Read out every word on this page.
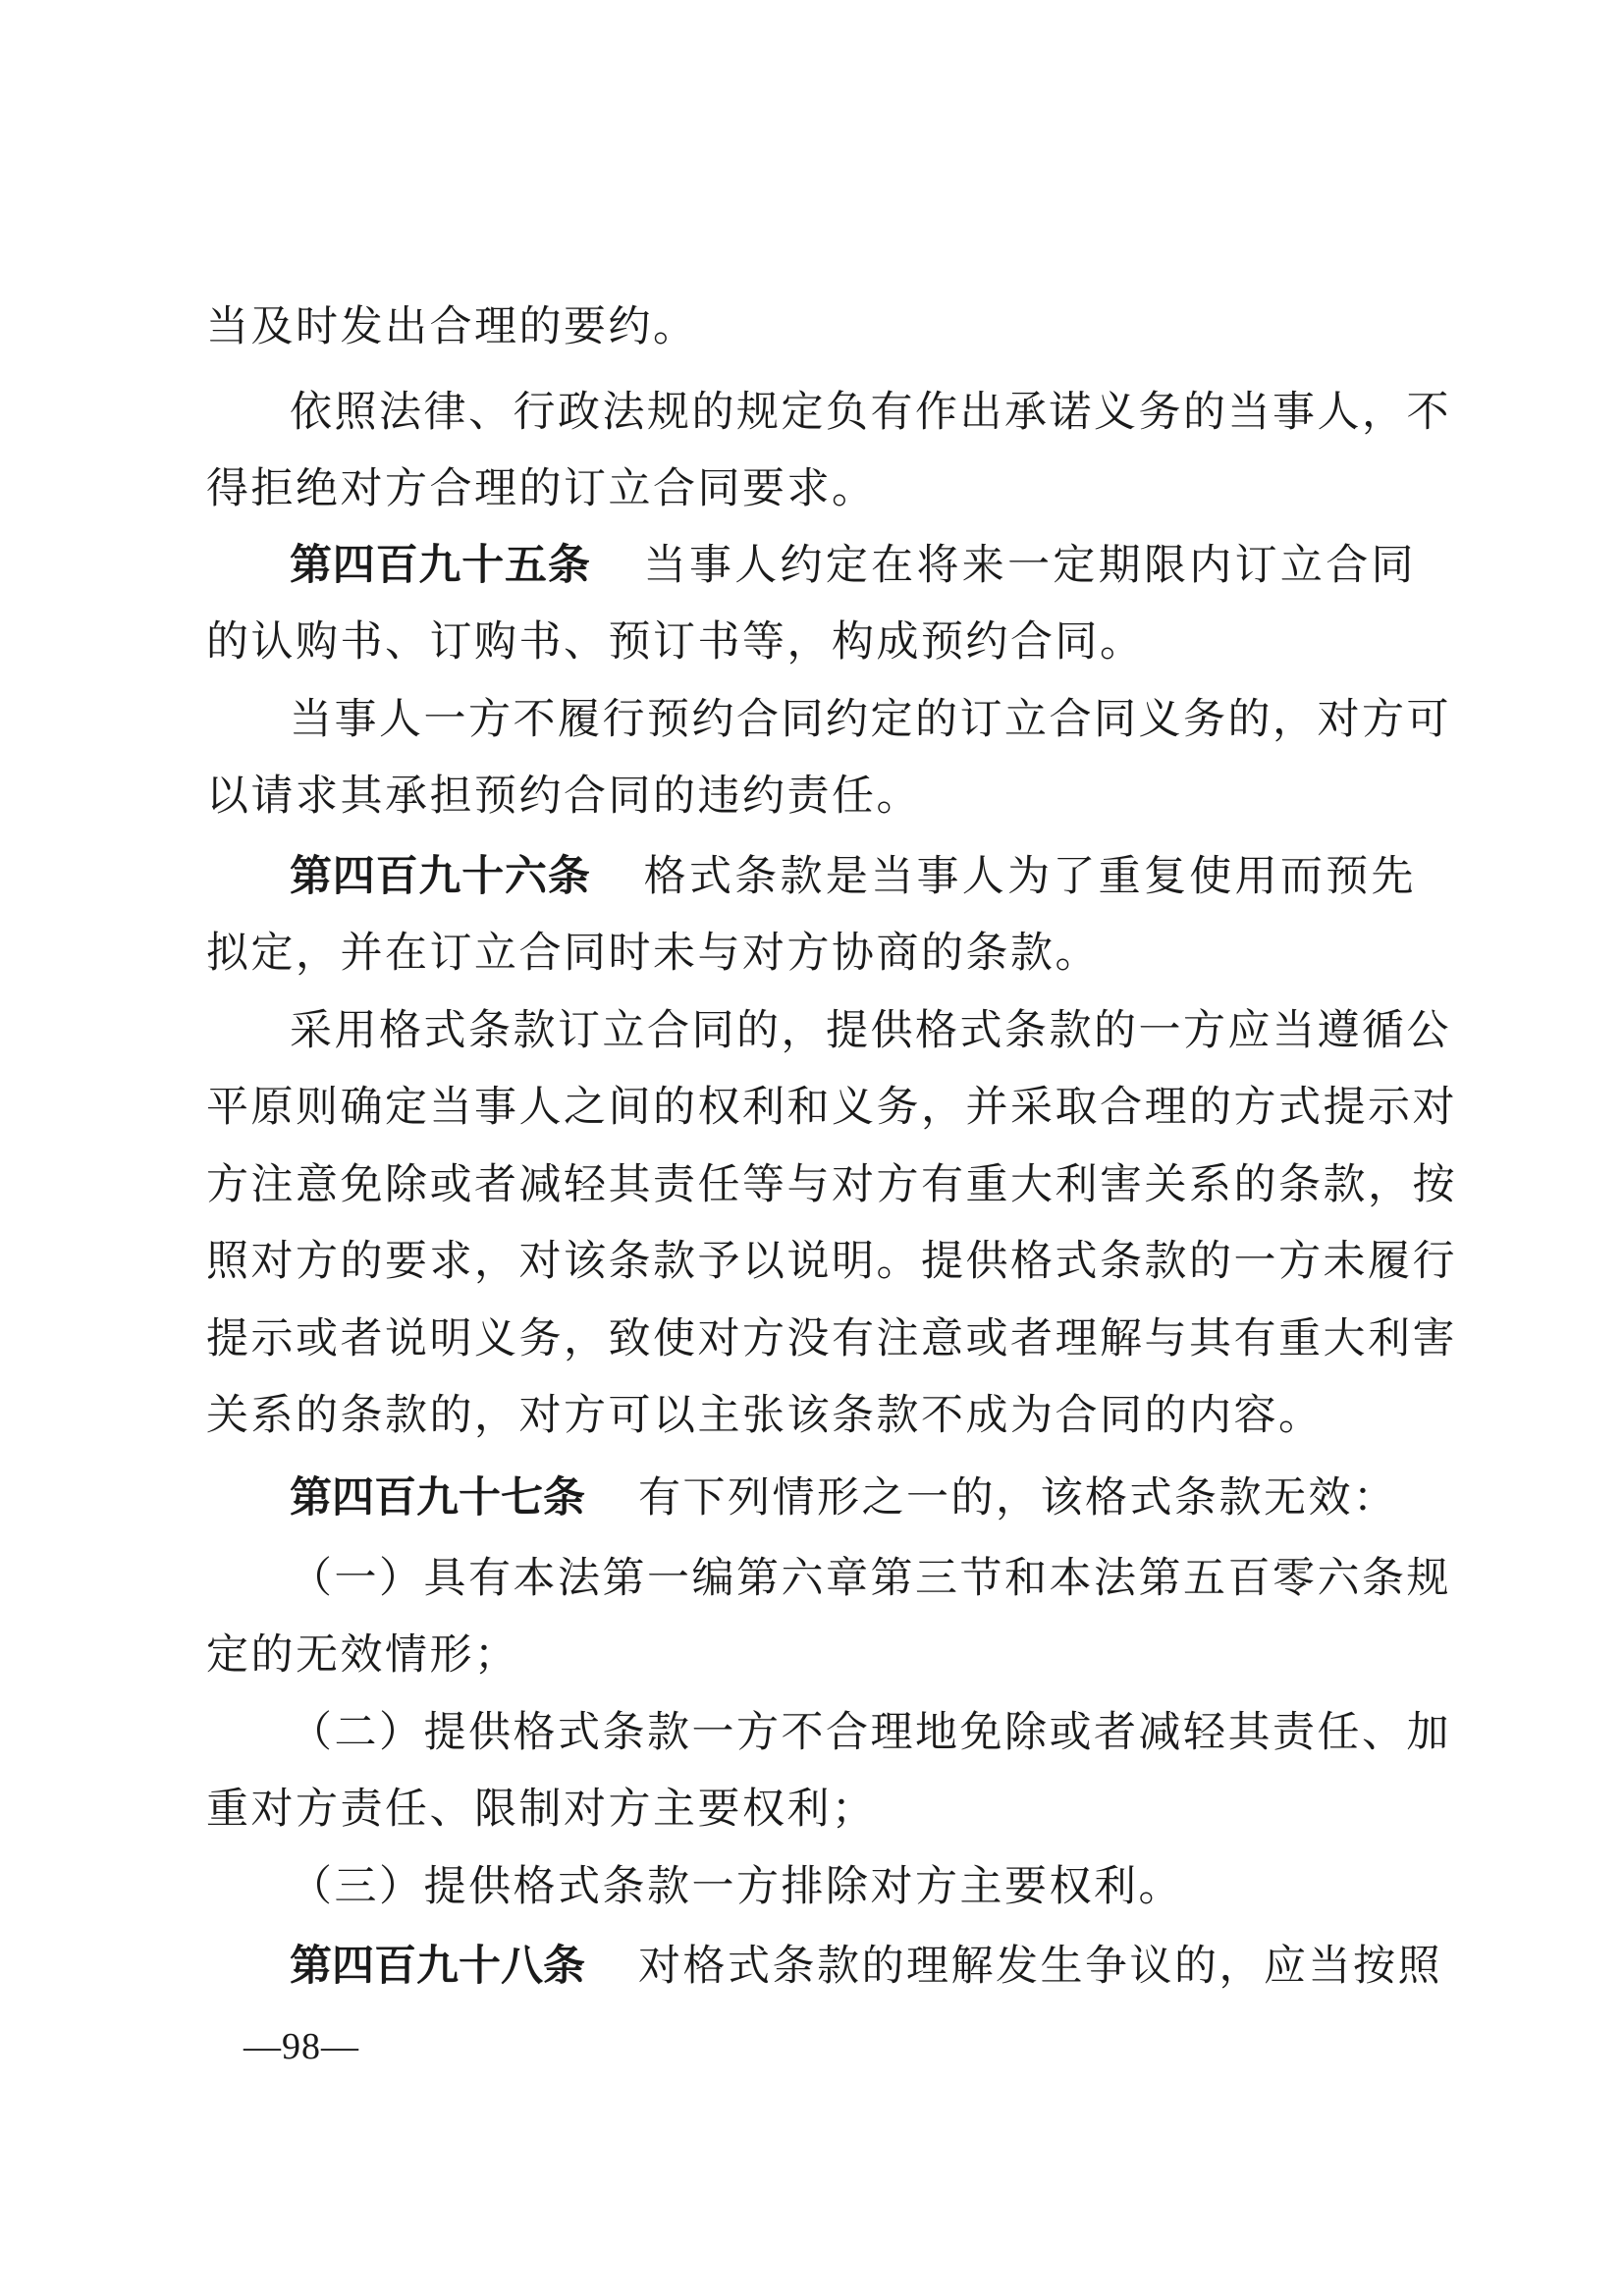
当及时发出合理的要约。
依照法律、行政法规的规定负有作出承诺义务的当事人，不
得拒绝对方合理的订立合同要求。
第四百九十五条 当事人约定在将来一定期限内订立合同
的认购书、订购书、预订书等，构成预约合同。
当事人一方不履行预约合同约定的订立合同义务的，对方可
以请求其承担预约合同的违约责任。
第四百九十六条 格式条款是当事人为了重复使用而预先
拟定，并在订立合同时未与对方协商的条款。
采用格式条款订立合同的，提供格式条款的一方应当遵循公
平原则确定当事人之间的权利和义务，并采取合理的方式提示对
方注意免除或者减轻其责任等与对方有重大利害关系的条款，按
照对方的要求，对该条款予以说明。提供格式条款的一方未履行
提示或者说明义务，致使对方没有注意或者理解与其有重大利害
关系的条款的，对方可以主张该条款不成为合同的内容。
第四百九十七条 有下列情形之一的，该格式条款无效：
（一）具有本法第一编第六章第三节和本法第五百零六条规
定的无效情形；
（二）提供格式条款一方不合理地免除或者减轻其责任、加
重对方责任、限制对方主要权利；
（三）提供格式条款一方排除对方主要权利。
第四百九十八条 对格式条款的理解发生争议的，应当按照
—98—
